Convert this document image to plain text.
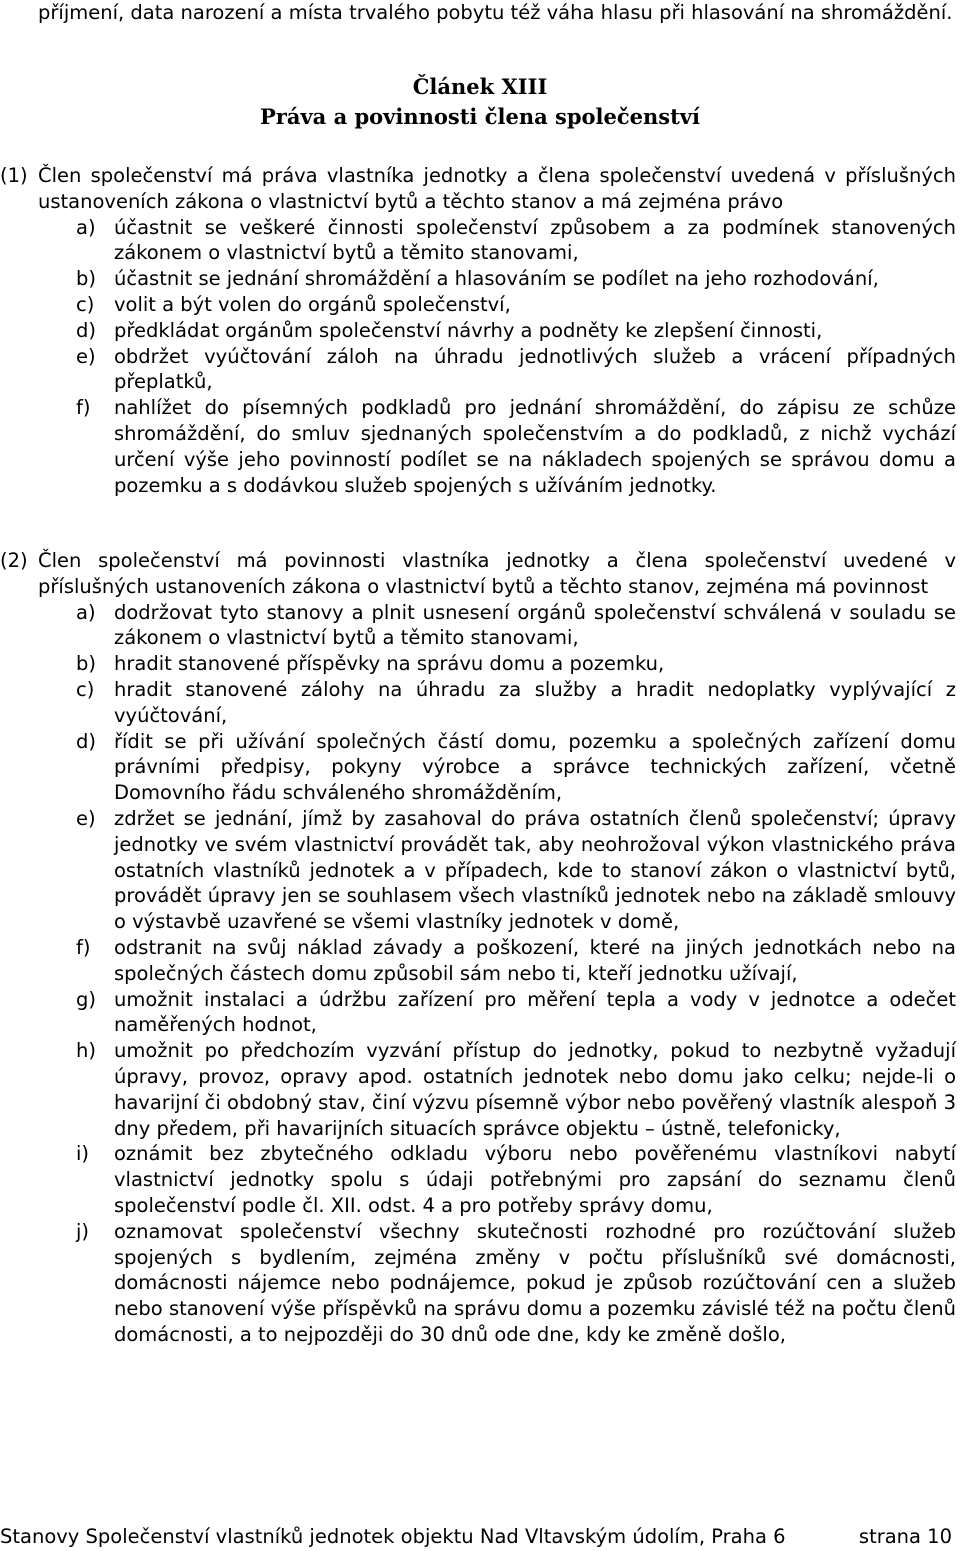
příjmení, data narození a místa trvalého pobytu též váha hlasu při hlasování na shromáždění.
Článek XIII
Práva a povinnosti člena společenství
(1) Člen společenství má práva vlastníka jednotky a člena společenství uvedená v příslušných ustanoveních zákona o vlastnictví bytů a těchto stanov a má zejména právo
a) účastnit se veškeré činnosti společenství způsobem a za podmínek stanovených zákonem o vlastnictví bytů a těmito stanovami,
b) účastnit se jednání shromáždění a hlasováním se podílet na jeho rozhodování,
c) volit a být volen do orgánů společenství,
d) předkládat orgánům společenství návrhy a podněty ke zlepšení činnosti,
e) obdržet vyúčtování záloh na úhradu jednotlivých služeb a vrácení případných přeplatků,
f) nahlížet do písemných podkladů pro jednání shromáždění, do zápisu ze schůze shromáždění, do smluv sjednaných společenstvím a do podkladů, z nichž vychází určení výše jeho povinností podílet se na nákladech spojených se správou domu a pozemku a s dodávkou služeb spojených s užíváním jednotky.
(2) Člen společenství má povinnosti vlastníka jednotky a člena společenství uvedené v příslušných ustanoveních zákona o vlastnictví bytů a těchto stanov, zejména má povinnost
a) dodržovat tyto stanovy a plnit usnesení orgánů společenství schválená v souladu se zákonem o vlastnictví bytů a těmito stanovami,
b) hradit stanovené příspěvky na správu domu a pozemku,
c) hradit stanovené zálohy na úhradu za služby a hradit nedoplatky vyplývající z vyúčtování,
d) řídit se při užívání společných částí domu, pozemku a společných zařízení domu právními předpisy, pokyny výrobce a správce technických zařízení, včetně Domovního řádu schváleného shromážděním,
e) zdržet se jednání, jímž by zasahoval do práva ostatních členů společenství; úpravy jednotky ve svém vlastnictví provádět tak, aby neohrožoval výkon vlastnického práva ostatních vlastníků jednotek a v případech, kde to stanoví zákon o vlastnictví bytů, provádět úpravy jen se souhlasem všech vlastníků jednotek nebo na základě smlouvy o výstavbě uzavřené se všemi vlastníky jednotek v domě,
f) odstranit na svůj náklad závady a poškození, které na jiných jednotkách nebo na společných částech domu způsobil sám nebo ti, kteří jednotku užívají,
g) umožnit instalaci a údržbu zařízení pro měření tepla a vody v jednotce a odečet naměřených hodnot,
h) umožnit po předchozím vyzvání přístup do jednotky, pokud to nezbytně vyžadují úpravy, provoz, opravy apod. ostatních jednotek nebo domu jako celku; nejde-li o havarijní či obdobný stav, činí výzvu písemně výbor nebo pověřený vlastník alespoň 3 dny předem, při havarijních situacích správce objektu – ústně, telefonicky,
i) oznámit bez zbytečného odkladu výboru nebo pověřenému vlastníkovi nabytí vlastnictví jednotky spolu s údaji potřebnými pro zapsání do seznamu členů společenství podle čl. XII. odst. 4 a pro potřeby správy domu,
j) oznamovat společenství všechny skutečnosti rozhodné pro rozúčtování služeb spojených s bydlením, zejména změny v počtu příslušníků své domácnosti, domácnosti nájemce nebo podnájemce, pokud je způsob rozúčtování cen a služeb nebo stanovení výše příspěvků na správu domu a pozemku závislé též na počtu členů domácnosti, a to nejpozději do 30 dnů ode dne, kdy ke změně došlo,
Stanovy Společenství vlastníků jednotek objektu Nad Vltavským údolím, Praha 6	strana 10
